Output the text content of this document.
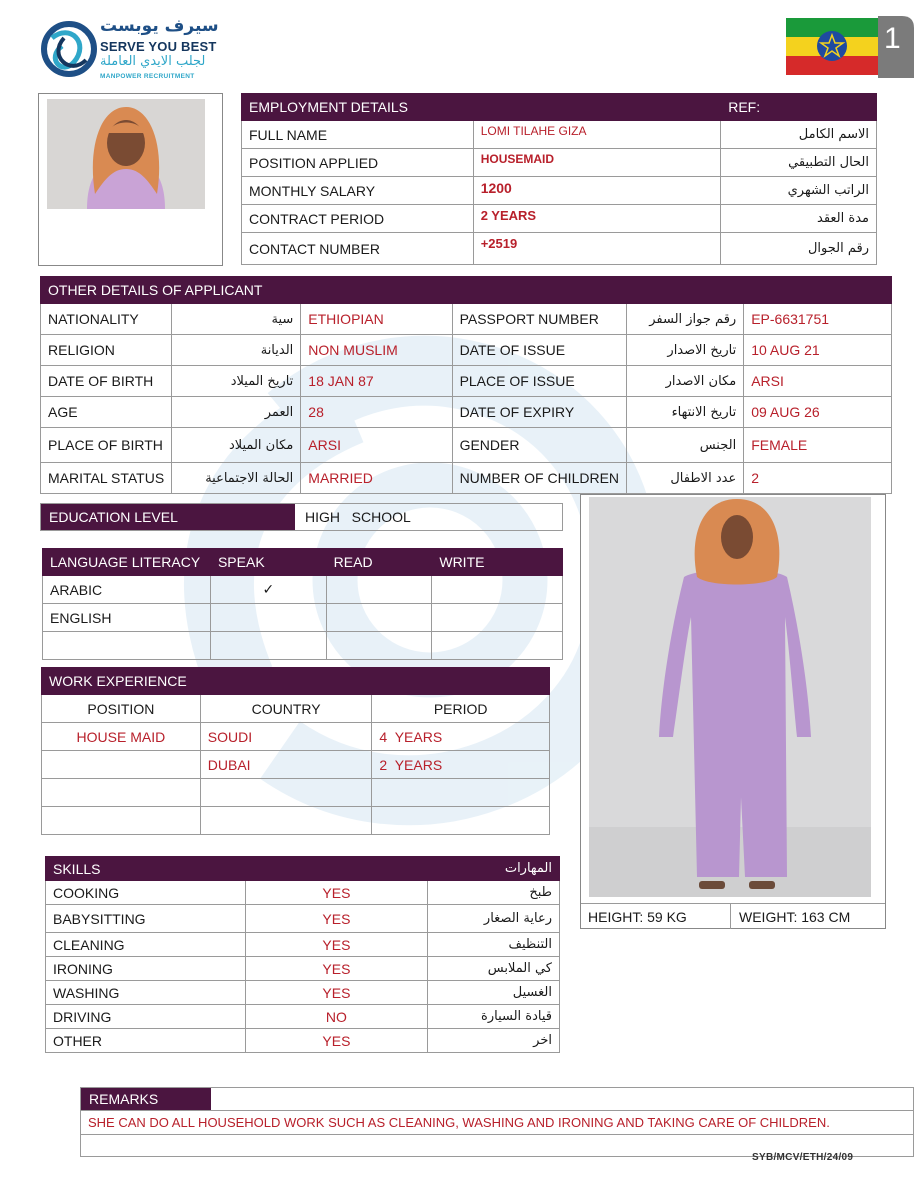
سيرف يوبست
SERVE YOU BEST
لجلب الايدي العاملة
MANPOWER RECRUITMENT
1
EMPLOYMENT DETAILS		REF:
FULL NAME	LOMI TILAHE GIZA	الاسم الكامل
POSITION APPLIED	HOUSEMAID	الحال التطبيقي
MONTHLY SALARY	1200	الراتب الشهري
CONTRACT PERIOD	2 YEARS	مدة العقد
CONTACT NUMBER	+2519	رقم الجوال
OTHER DETAILS OF APPLICANT					
NATIONALITY	سية	ETHIOPIAN	PASSPORT NUMBER	رقم جواز السفر	EP-6631751
RELIGION	الديانة	NON MUSLIM	DATE OF ISSUE	تاريخ الاصدار	10 AUG 21
DATE OF BIRTH	تاريخ الميلاد	18 JAN 87	PLACE OF ISSUE	مكان الاصدار	ARSI
AGE	العمر	28	DATE OF EXPIRY	تاريخ الانتهاء	09 AUG 26
PLACE OF BIRTH	مكان الميلاد	ARSI	GENDER	الجنس	FEMALE
MARITAL STATUS	الحالة الاجتماعية	MARRIED	NUMBER OF CHILDREN	عدد الاطفال	2
EDUCATION LEVEL	HIGH   SCHOOL
LANGUAGE LITERACY	SPEAK	READ	WRITE
ARABIC	✓		
ENGLISH			

WORK EXPERIENCE		
POSITION	COUNTRY	PERIOD
HOUSE MAID	SOUDI	4  YEARS
	DUBAI	2  YEARS

SKILLS		المهارات
COOKING	YES	طبخ
BABYSITTING	YES	رعاية الصغار
CLEANING	YES	التنظيف
IRONING	YES	كي الملابس
WASHING	YES	الغسيل
DRIVING	NO	قيادة السيارة
OTHER	YES	اخر
HEIGHT: 59 KG	WEIGHT: 163 CM
REMARKS
SHE CAN DO ALL HOUSEHOLD WORK SUCH AS CLEANING, WASHING AND IRONING AND TAKING CARE OF CHILDREN.
SYB/MCV/ETH/24/09
